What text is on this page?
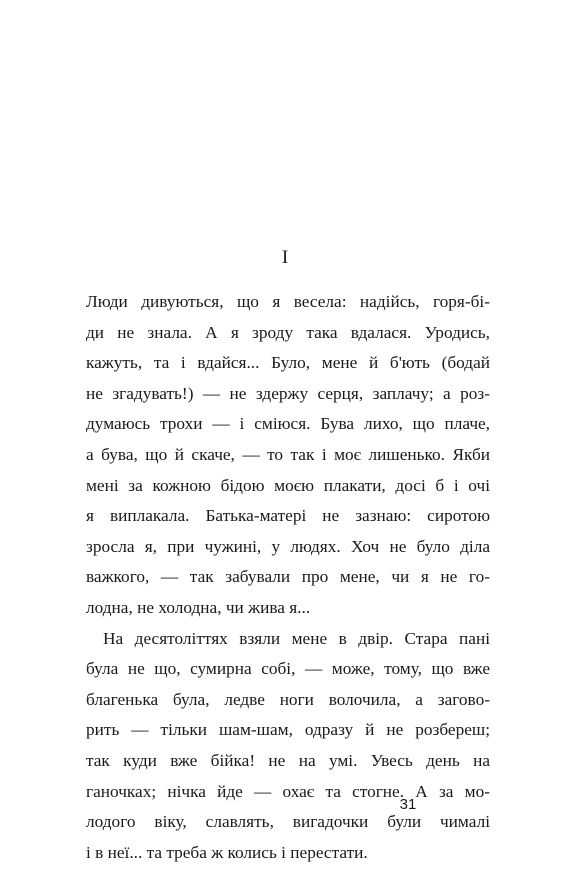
I
Люди дивуються, що я весела: надійсь, горя-бі-
ди не знала. А я зроду така вдалася. Уродись,
кажуть, та і вдайся... Було, мене й б'ють (бодай
не згадувать!) — не здержу серця, заплачу; а роз-
думаюсь трохи — і сміюся. Бува лихо, що плаче,
а бува, що й скаче, — то так і моє лишенько. Якби
мені за кожною бідою моєю плакати, досі б і очі
я виплакала. Батька-матері не зазнаю: сиротою
зросла я, при чужині, у людях. Хоч не було діла
важкого, — так забували про мене, чи я не го-
лодна, не холодна, чи жива я...
На десятоліттях взяли мене в двір. Стара пані
була не що, сумирна собі, — може, тому, що вже
благенька була, ледве ноги волочила, а загово-
рить — тільки шам-шам, одразу й не розбереш;
так куди вже бійка! не на умі. Увесь день на
ганочках; нічка йде — охає та стогне. А за мо-
лодого віку, славлять, вигадочки були чималі
і в неї... та треба ж колись і перестати.
31
